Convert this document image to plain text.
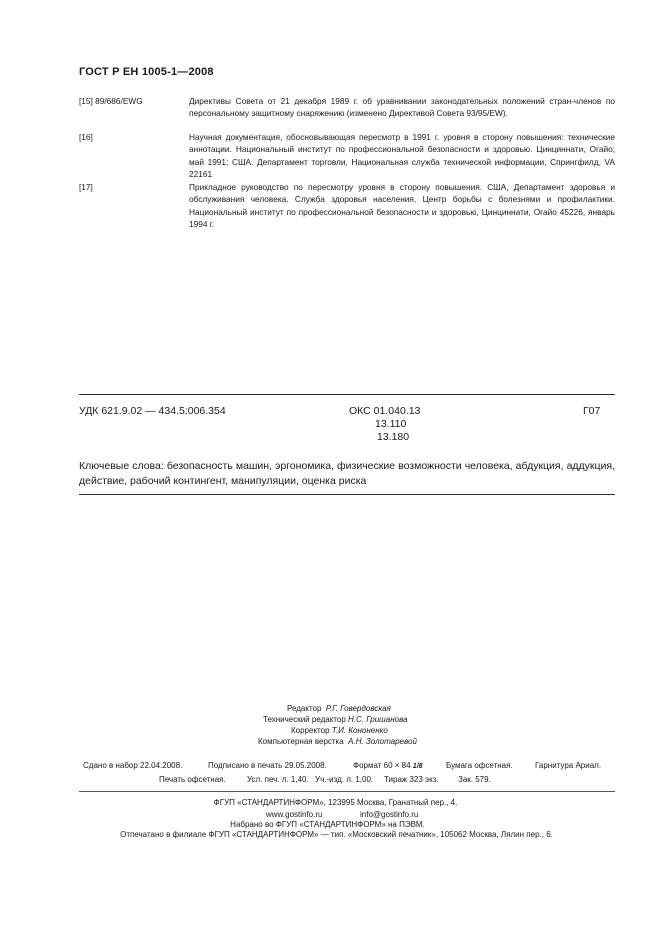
ГОСТ Р ЕН 1005-1—2008
[15] 89/686/EWG	Директивы Совета от 21 декабря 1989 г. об уравнивании законодательных положений стран-членов по персональному защитному снаряжению (изменено Директивой Совета 93/95/EW).
[16]	Научная документация, обосновывающая пересмотр в 1991 г. уровня в сторону повышения: технические аннотации. Национальный институт по профессиональной безопасности и здоровью. Цинциннати, Огайо; май 1991; США. Департамент торговли, Национальная служба технической информации, Спрингфилд, VA 22161
[17]	Прикладное руководство по пересмотру уровня в сторону повышения. США, Департамент здоровья и обслуживания человека. Служба здоровья населения, Центр борьбы с болезнями и профилактики. Национальный институт по профессиональной безопасности и здоровью, Цинциннати, Огайо 45226, январь 1994 г.
УДК 621.9.02 — 434.5:006.354	ОКС 01.040.13
13.110
13.180
Г07
Ключевые слова: безопасность машин, эргономика, физические возможности человека, абдукция, аддукция, действие, рабочий контингент, манипуляции, оценка риска
Редактор Р.Г. Говердовская
Технический редактор Н.С. Гришанова
Корректор Т.И. Кононенко
Компьютерная верстка А.Н. Золотаревой
Сдано в набор 22.04.2008.	Подписано в печать 29.05.2008.	Формат 60 × 84 1/8	Бумага офсетная.	Гарнитура Ариал.
Печать офсетная.	Усл. печ. л. 1,40. Уч.-изд. л. 1,00. Тираж 323 экз. Зак. 579.
ФГУП «СТАНДАРТИНФОРМ», 123995 Москва, Гранатный пер., 4.
www.gostinfo.ru	info@gostinfo.ru
Набрано во ФГУП «СТАНДАРТИНФОРМ» на ПЭВМ.
Отпечатано в филиале ФГУП «СТАНДАРТИНФОРМ» — тип. «Московский печатник», 105062 Москва, Лялин пер., 6.
